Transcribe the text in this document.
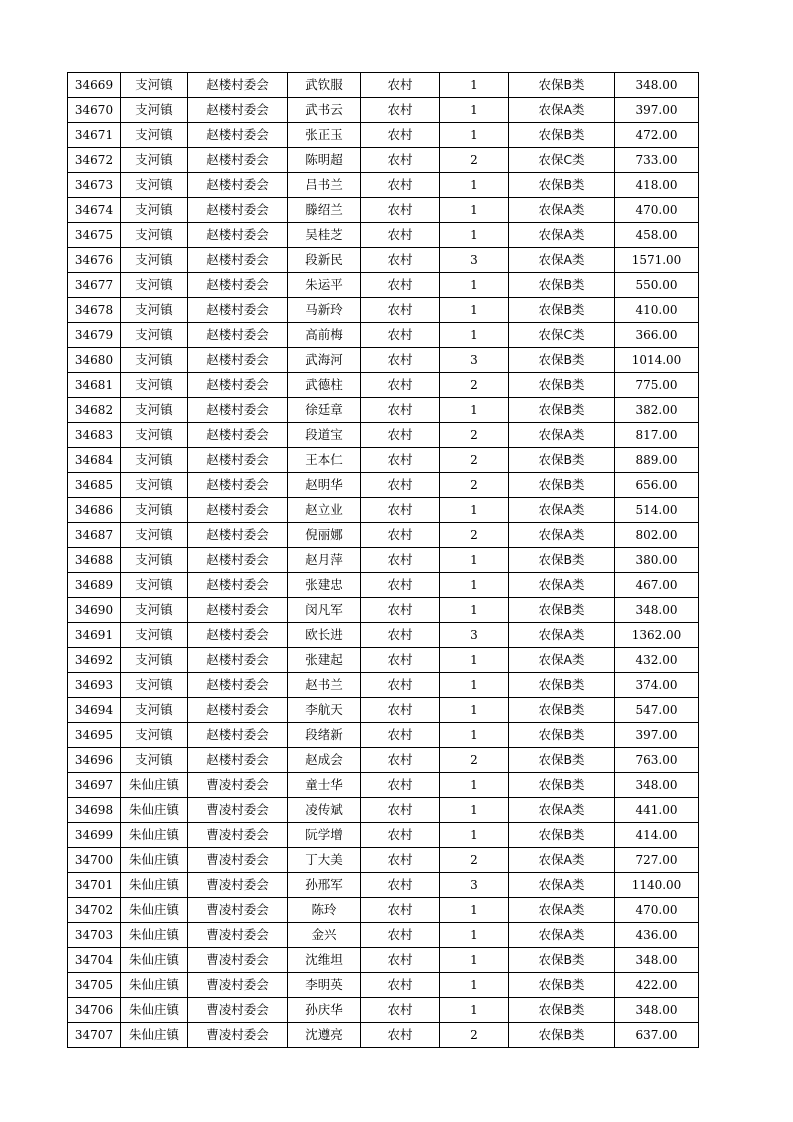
34669	支河镇	赵楼村委会	武钦服	农村	1	农保B类	348.00
34670	支河镇	赵楼村委会	武书云	农村	1	农保A类	397.00
34671	支河镇	赵楼村委会	张正玉	农村	1	农保B类	472.00
34672	支河镇	赵楼村委会	陈明超	农村	2	农保C类	733.00
34673	支河镇	赵楼村委会	吕书兰	农村	1	农保B类	418.00
34674	支河镇	赵楼村委会	滕绍兰	农村	1	农保A类	470.00
34675	支河镇	赵楼村委会	吴桂芝	农村	1	农保A类	458.00
34676	支河镇	赵楼村委会	段新民	农村	3	农保A类	1571.00
34677	支河镇	赵楼村委会	朱运平	农村	1	农保B类	550.00
34678	支河镇	赵楼村委会	马新玲	农村	1	农保B类	410.00
34679	支河镇	赵楼村委会	高前梅	农村	1	农保C类	366.00
34680	支河镇	赵楼村委会	武海河	农村	3	农保B类	1014.00
34681	支河镇	赵楼村委会	武德柱	农村	2	农保B类	775.00
34682	支河镇	赵楼村委会	徐廷章	农村	1	农保B类	382.00
34683	支河镇	赵楼村委会	段道宝	农村	2	农保A类	817.00
34684	支河镇	赵楼村委会	王本仁	农村	2	农保B类	889.00
34685	支河镇	赵楼村委会	赵明华	农村	2	农保B类	656.00
34686	支河镇	赵楼村委会	赵立业	农村	1	农保A类	514.00
34687	支河镇	赵楼村委会	倪丽娜	农村	2	农保A类	802.00
34688	支河镇	赵楼村委会	赵月萍	农村	1	农保B类	380.00
34689	支河镇	赵楼村委会	张建忠	农村	1	农保A类	467.00
34690	支河镇	赵楼村委会	闵凡军	农村	1	农保B类	348.00
34691	支河镇	赵楼村委会	欧长进	农村	3	农保A类	1362.00
34692	支河镇	赵楼村委会	张建起	农村	1	农保A类	432.00
34693	支河镇	赵楼村委会	赵书兰	农村	1	农保B类	374.00
34694	支河镇	赵楼村委会	李航天	农村	1	农保B类	547.00
34695	支河镇	赵楼村委会	段绪新	农村	1	农保B类	397.00
34696	支河镇	赵楼村委会	赵成会	农村	2	农保B类	763.00
34697	朱仙庄镇	曹凌村委会	童士华	农村	1	农保B类	348.00
34698	朱仙庄镇	曹凌村委会	凌传斌	农村	1	农保A类	441.00
34699	朱仙庄镇	曹凌村委会	阮学增	农村	1	农保B类	414.00
34700	朱仙庄镇	曹凌村委会	丁大美	农村	2	农保A类	727.00
34701	朱仙庄镇	曹凌村委会	孙邢军	农村	3	农保A类	1140.00
34702	朱仙庄镇	曹凌村委会	陈玲	农村	1	农保A类	470.00
34703	朱仙庄镇	曹凌村委会	金兴	农村	1	农保A类	436.00
34704	朱仙庄镇	曹凌村委会	沈维坦	农村	1	农保B类	348.00
34705	朱仙庄镇	曹凌村委会	李明英	农村	1	农保B类	422.00
34706	朱仙庄镇	曹凌村委会	孙庆华	农村	1	农保B类	348.00
34707	朱仙庄镇	曹凌村委会	沈遵亮	农村	2	农保B类	637.00
